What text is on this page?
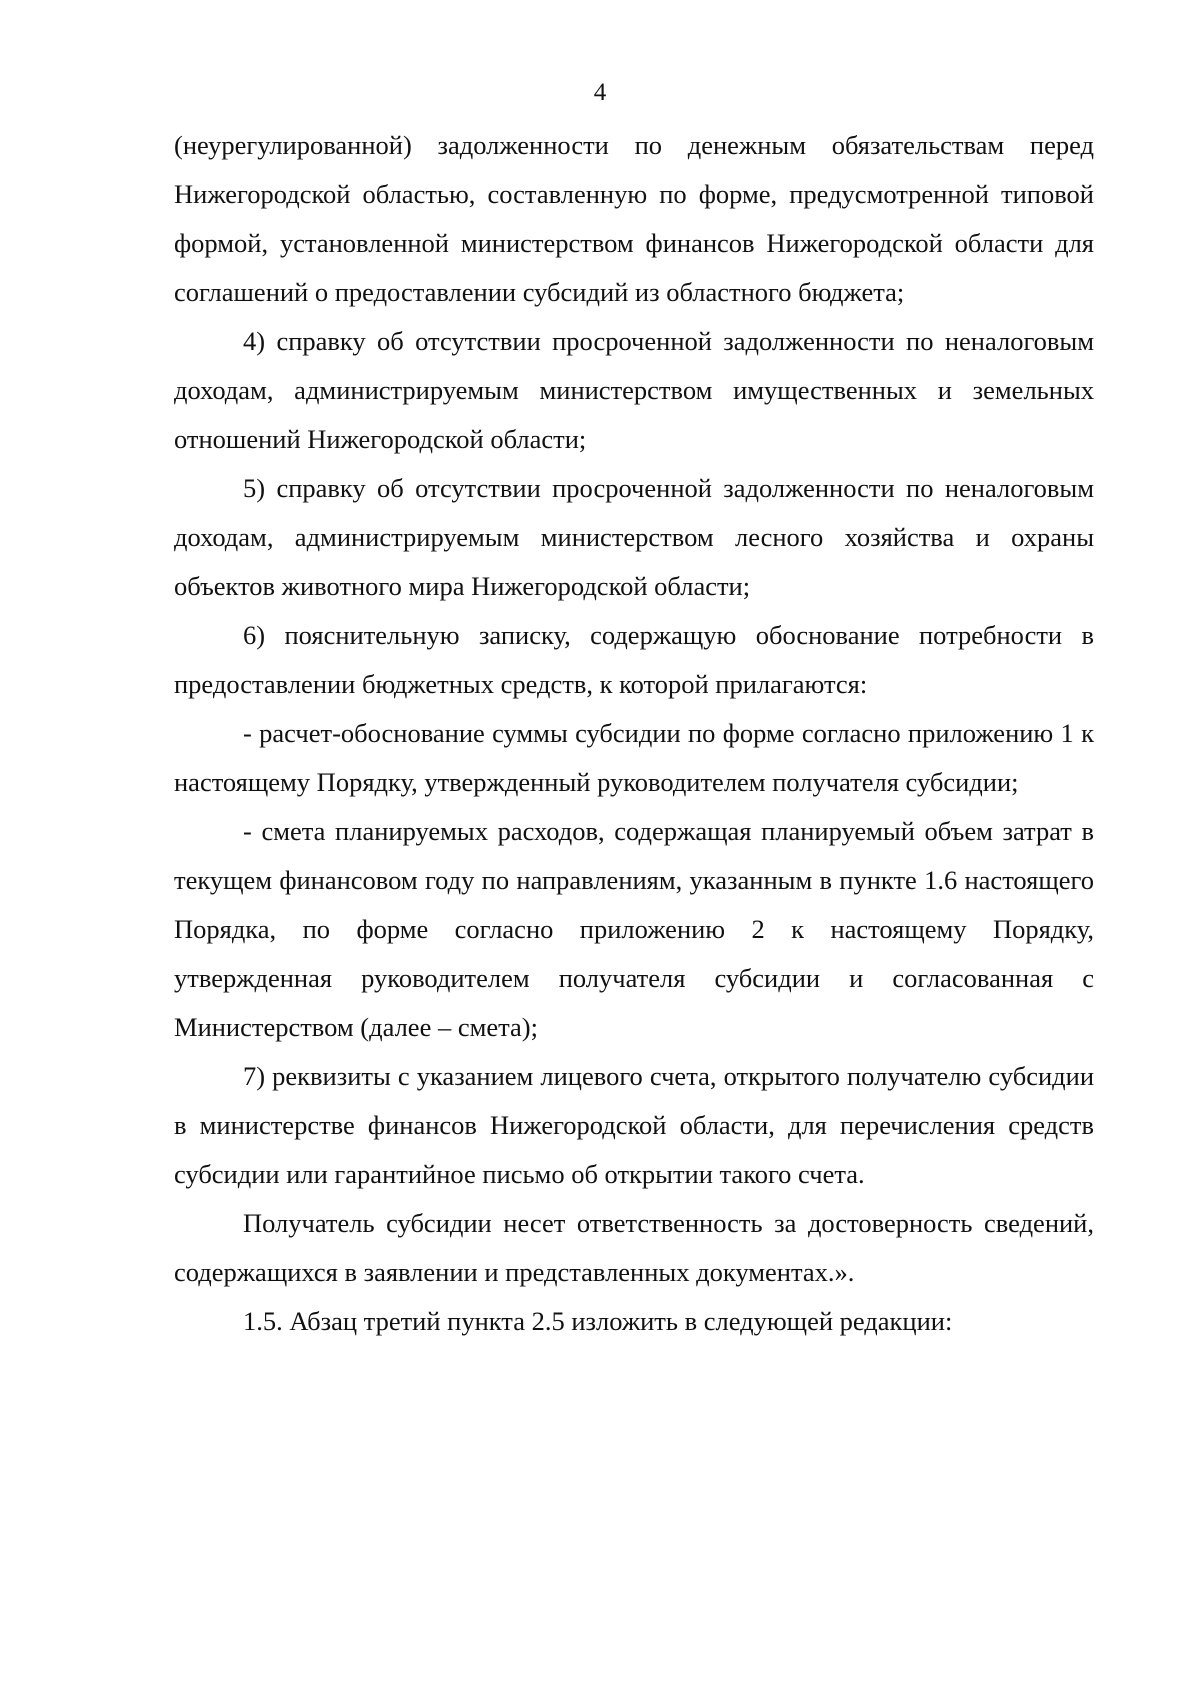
4

(неурегулированной) задолженности по денежным обязательствам перед Нижегородской областью, составленную по форме, предусмотренной типовой формой, установленной министерством финансов Нижегородской области для соглашений о предоставлении субсидий из областного бюджета;

4) справку об отсутствии просроченной задолженности по неналоговым доходам, администрируемым министерством имущественных и земельных отношений Нижегородской области;

5) справку об отсутствии просроченной задолженности по неналоговым доходам, администрируемым министерством лесного хозяйства и охраны объектов животного мира Нижегородской области;

6) пояснительную записку, содержащую обоснование потребности в предоставлении бюджетных средств, к которой прилагаются:

- расчет-обоснование суммы субсидии по форме согласно приложению 1 к настоящему Порядку, утвержденный руководителем получателя субсидии;

- смета планируемых расходов, содержащая планируемый объем затрат в текущем финансовом году по направлениям, указанным в пункте 1.6 настоящего Порядка, по форме согласно приложению 2 к настоящему Порядку, утвержденная руководителем получателя субсидии и согласованная с Министерством (далее – смета);

7) реквизиты с указанием лицевого счета, открытого получателю субсидии в министерстве финансов Нижегородской области, для перечисления средств субсидии или гарантийное письмо об открытии такого счета.

Получатель субсидии несет ответственность за достоверность сведений, содержащихся в заявлении и представленных документах.».

1.5. Абзац третий пункта 2.5 изложить в следующей редакции:
